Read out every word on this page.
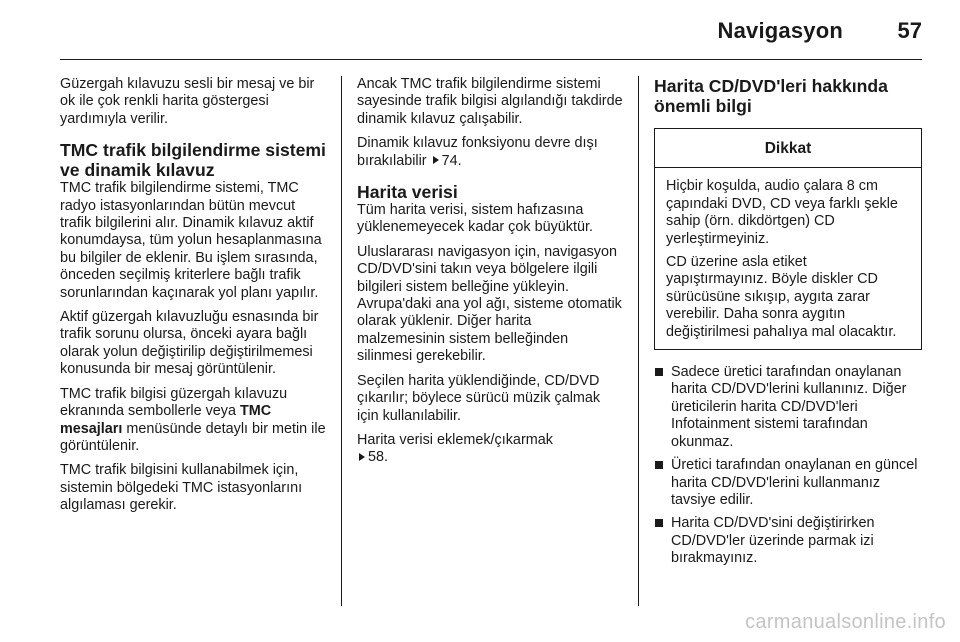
Navigasyon 57

Güzergah kılavuzu sesli bir mesaj ve bir ok ile çok renkli harita göstergesi yardımıyla verilir.

TMC trafik bilgilendirme sistemi ve dinamik kılavuz

TMC trafik bilgilendirme sistemi, TMC radyo istasyonlarından bütün mevcut trafik bilgilerini alır. Dinamik kılavuz aktif konumdaysa, tüm yolun hesaplanmasına bu bilgiler de eklenir. Bu işlem sırasında, önceden seçilmiş kriterlere bağlı trafik sorunlarından kaçınarak yol planı yapılır.

Aktif güzergah kılavuzluğu esnasında bir trafik sorunu olursa, önceki ayara bağlı olarak yolun değiştirilip değiştirilmemesi konusunda bir mesaj görüntülenir.

TMC trafik bilgisi güzergah kılavuzu ekranında sembollerle veya TMC mesajları menüsünde detaylı bir metin ile görüntülenir.

TMC trafik bilgisini kullanabilmek için, sistemin bölgedeki TMC istasyonlarını algılaması gerekir.

Ancak TMC trafik bilgilendirme sistemi sayesinde trafik bilgisi algılandığı takdirde dinamik kılavuz çalışabilir.

Dinamik kılavuz fonksiyonu devre dışı bırakılabilir 74.

Harita verisi

Tüm harita verisi, sistem hafızasına yüklenemeyecek kadar çok büyüktür.

Uluslararası navigasyon için, navigasyon CD/DVD'sini takın veya bölgelere ilgili bilgileri sistem belleğine yükleyin. Avrupa'daki ana yol ağı, sisteme otomatik olarak yüklenir. Diğer harita malzemesinin sistem belleğinden silinmesi gerekebilir.

Seçilen harita yüklendiğinde, CD/DVD çıkarılır; böylece sürücü müzik çalmak için kullanılabilir.

Harita verisi eklemek/çıkarmak
58.

Harita CD/DVD'leri hakkında önemli bilgi
Dikkat

Hiçbir koşulda, audio çalara 8 cm çapındaki DVD, CD veya farklı şekle sahip (örn. dikdörtgen) CD yerleştirmeyiniz.

CD üzerine asla etiket yapıştırmayınız. Böyle diskler CD sürücüsüne sıkışıp, aygıta zarar verebilir. Daha sonra aygıtın değiştirilmesi pahalıya mal olacaktır.

Sadece üretici tarafından onaylanan harita CD/DVD'lerini kullanınız. Diğer üreticilerin harita CD/DVD'leri Infotainment sistemi tarafından okunmaz.
Üretici tarafından onaylanan en güncel harita CD/DVD'lerini kullanmanız tavsiye edilir.
Harita CD/DVD'sini değiştirirken CD/DVD'ler üzerinde parmak izi bırakmayınız.
carmanualsonline.info
